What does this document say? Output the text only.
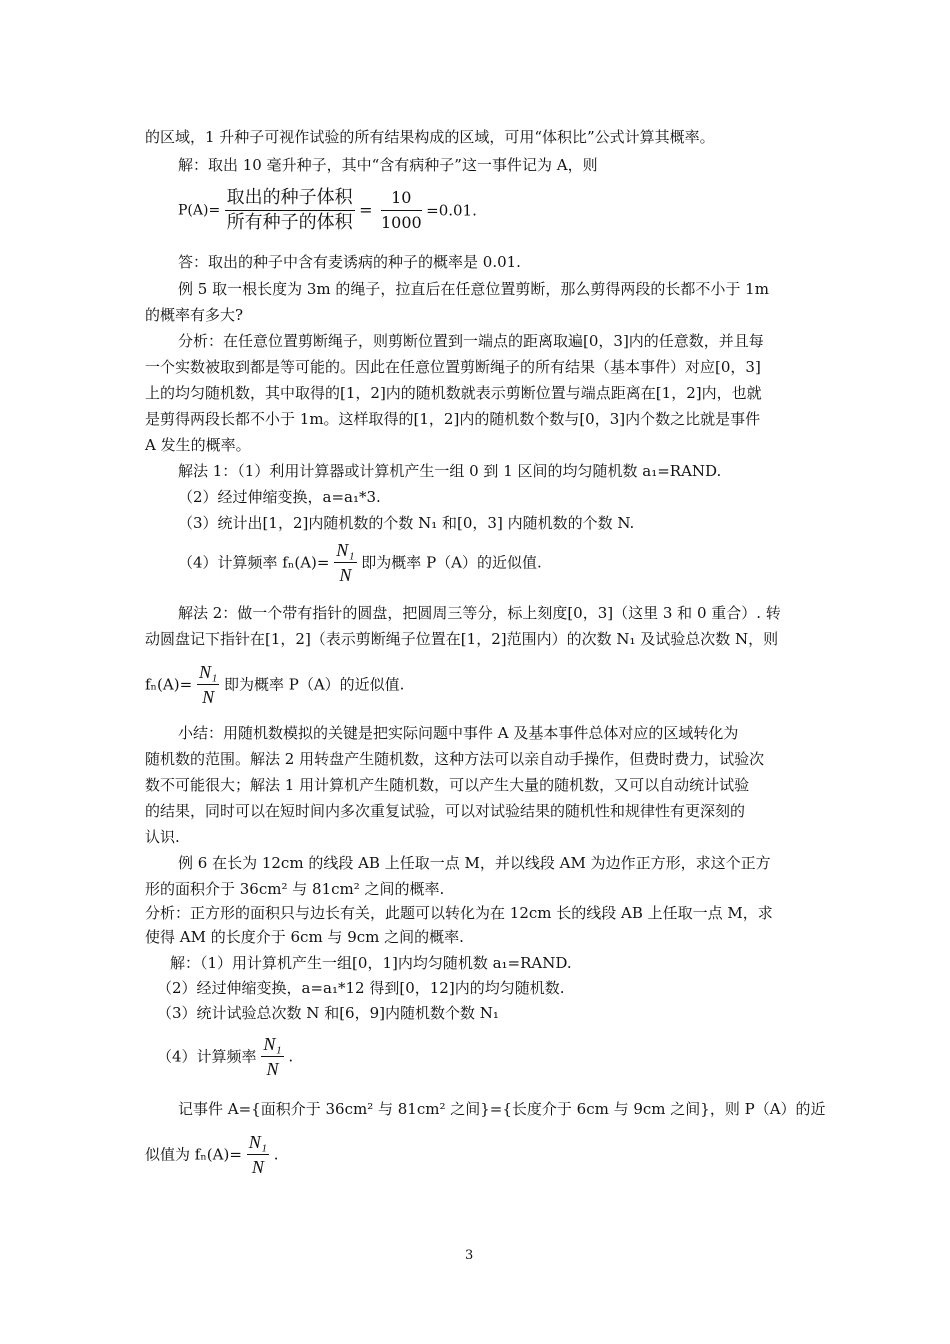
的区域，1 升种子可视作试验的所有结果构成的区域，可用“体积比”公式计算其概率。
解：取出 10 毫升种子，其中“含有病种子”这一事件记为 A，则
$P(A)= \frac{\text{取出的种子体积}}{\text{所有种子的体积}} = \frac{10}{1000} =0.01$.
答：取出的种子中含有麦诱病的种子的概率是 0.01.
例 5 取一根长度为 3m 的绳子，拉直后在任意位置剪断，那么剪得两段的长都不小于 1m
的概率有多大?
分析：在任意位置剪断绳子，则剪断位置到一端点的距离取遍[0，3]内的任意数，并且每
一个实数被取到都是等可能的。因此在任意位置剪断绳子的所有结果（基本事件）对应[0，3]
上的均匀随机数，其中取得的[1，2]内的随机数就表示剪断位置与端点距离在[1，2]内，也就
是剪得两段长都不小于 1m。这样取得的[1，2]内的随机数个数与[0，3]内个数之比就是事件
A 发生的概率。
解法 1：（1）利用计算器或计算机产生一组 0 到 1 区间的均匀随机数 a₁=RAND.
（2）经过伸缩变换，a=a₁*3.
（3）统计出[1，2]内随机数的个数 N₁ 和[0，3] 内随机数的个数 N.
（4）计算频率 $f_n(A)= \frac{\text{N₁}}{N}$ 即为概率 P（A）的近似值.
解法 2：做一个带有指针的圆盘，把圆周三等分，标上刻度[0，3]（这里 3 和 0 重合）. 转
动圆盘记下指针在[1，2]（表示剪断绳子位置在[1，2]范围内）的次数 N₁ 及试验总次数 N，则
$f_n(A)= \frac{\text{N₁}}{N}$ 即为概率 P（A）的近似值.
小结：用随机数模拟的关键是把实际问题中事件 A 及基本事件总体对应的区域转化为
随机数的范围。解法 2 用转盘产生随机数，这种方法可以亲自动手操作，但费时费力，试验次
数不可能很大；解法 1 用计算机产生随机数，可以产生大量的随机数，又可以自动统计试验
的结果，同时可以在短时间内多次重复试验，可以对试验结果的随机性和规律性有更深刻的
认识.
例 6 在长为 12cm 的线段 AB 上任取一点 M，并以线段 AM 为边作正方形，求这个正方
形的面积介于 36cm² 与 81cm² 之间的概率.
分析：正方形的面积只与边长有关，此题可以转化为在 12cm 长的线段 AB 上任取一点 M，求
使得 AM 的长度介于 6cm 与 9cm 之间的概率.
解：（1）用计算机产生一组[0，1]内均匀随机数 a₁=RAND.
（2）经过伸缩变换，a=a₁*12 得到[0，12]内的均匀随机数.
（3）统计试验总次数 N 和[6，9]内随机数个数 N₁
（4）计算频率 $\frac{\text{N₁}}{N}$ .
记事件 A={面积介于 36cm² 与 81cm² 之间}={长度介于 6cm 与 9cm 之间}，则 P（A）的近
似值为 $f_n(A)= \frac{\text{N₁}}{N}$ .
3
